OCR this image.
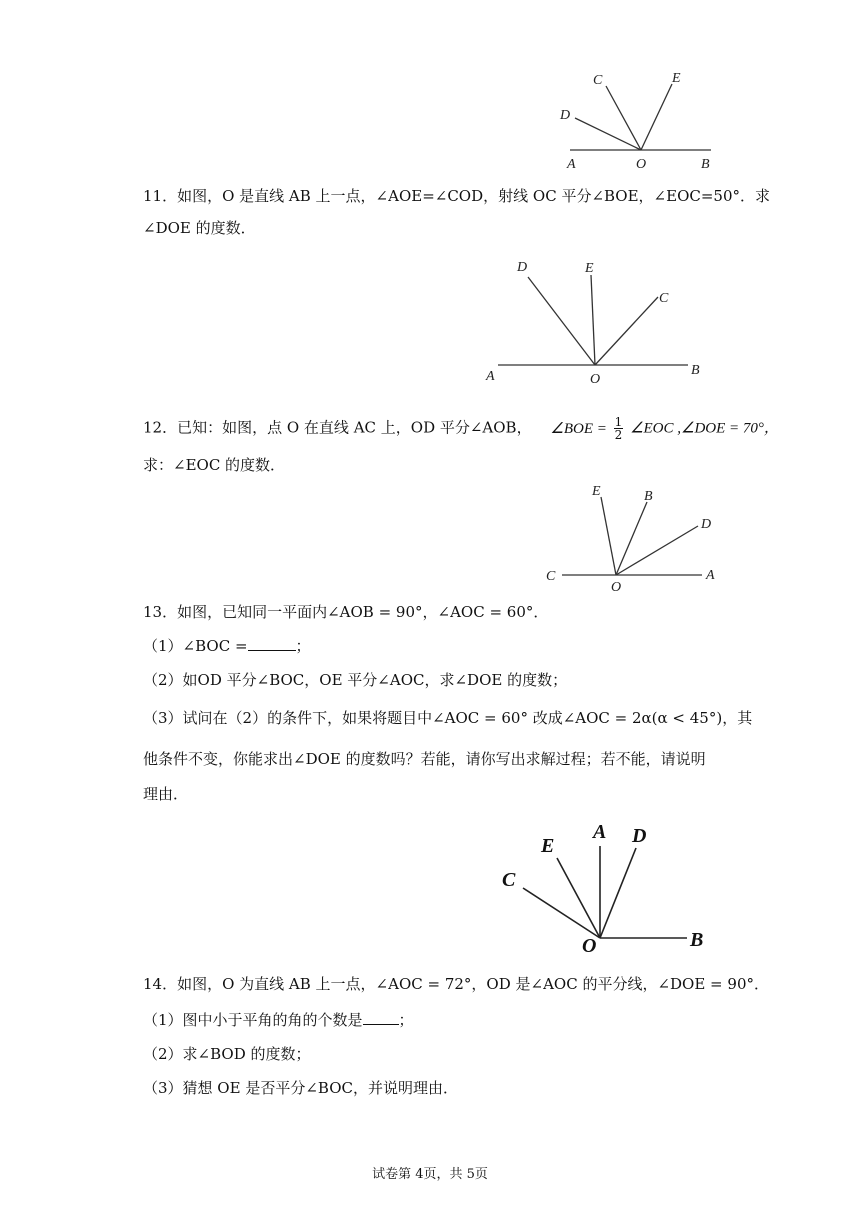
C	E
D
A	O	B
11．如图，O 是直线 AB 上一点，∠AOE=∠COD，射线 OC 平分∠BOE，∠EOC=50°．求
∠DOE 的度数．
D	E
C
A	O
B
12．已知：如图，点 O 在直线 AC 上，OD 平分∠AOB， ∠BOE = $\frac{1}{2}$ ∠EOC ,∠DOE = 70°，
求：∠EOC 的度数．
E	B
D
C
O
A
13．如图，已知同一平面内∠AOB = 90°，∠AOC = 60°．
（1）∠BOC =	；
（2）如OD 平分∠BOC，OE 平分∠AOC，求∠DOE 的度数；
（3）试问在（2）的条件下，如果将题目中∠AOC = 60° 改成∠AOC = 2α(α < 45°)，其
他条件不变，你能求出∠DOE 的度数吗？若能，请你写出求解过程；若不能，请说明
理由．
A
E	D
C
O	B
14．如图，O 为直线 AB 上一点，∠AOC = 72°，OD 是∠AOC 的平分线，∠DOE = 90°．
（1）图中小于平角的角的个数是 ；
（2）求∠BOD 的度数；
（3）猜想 OE 是否平分∠BOC，并说明理由．
试卷第 4页，共 5页
